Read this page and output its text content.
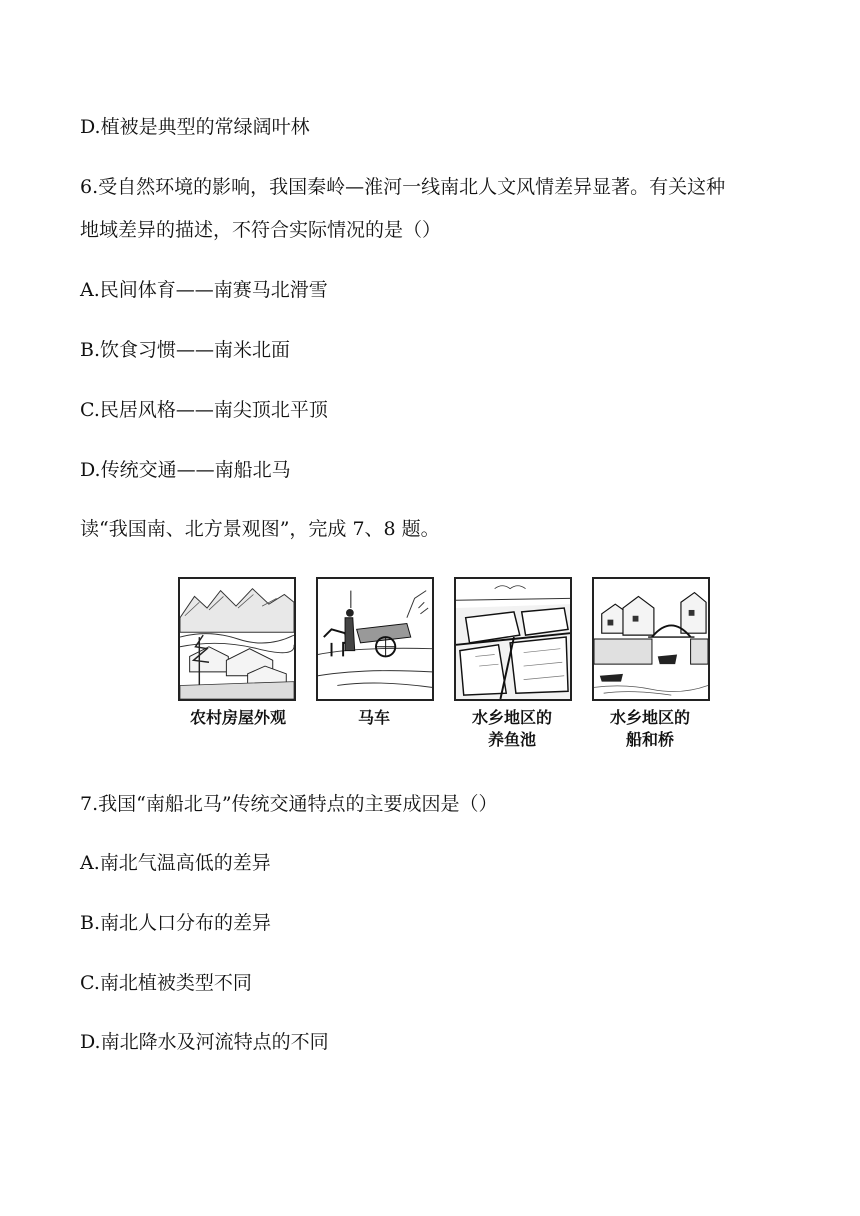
D.植被是典型的常绿阔叶林
6.受自然环境的影响，我国秦岭—淮河一线南北人文风情差异显著。有关这种
地域差异的描述，不符合实际情况的是（）
A.民间体育——南赛马北滑雪
B.饮食习惯——南米北面
C.民居风格——南尖顶北平顶
D.传统交通——南船北马
读“我国南、北方景观图”，完成 7、8 题。
农村房屋外观	马车	水乡地区的
养鱼池
水乡地区的
船和桥
7.我国“南船北马”传统交通特点的主要成因是（）
A.南北气温高低的差异
B.南北人口分布的差异
C.南北植被类型不同
D.南北降水及河流特点的不同
